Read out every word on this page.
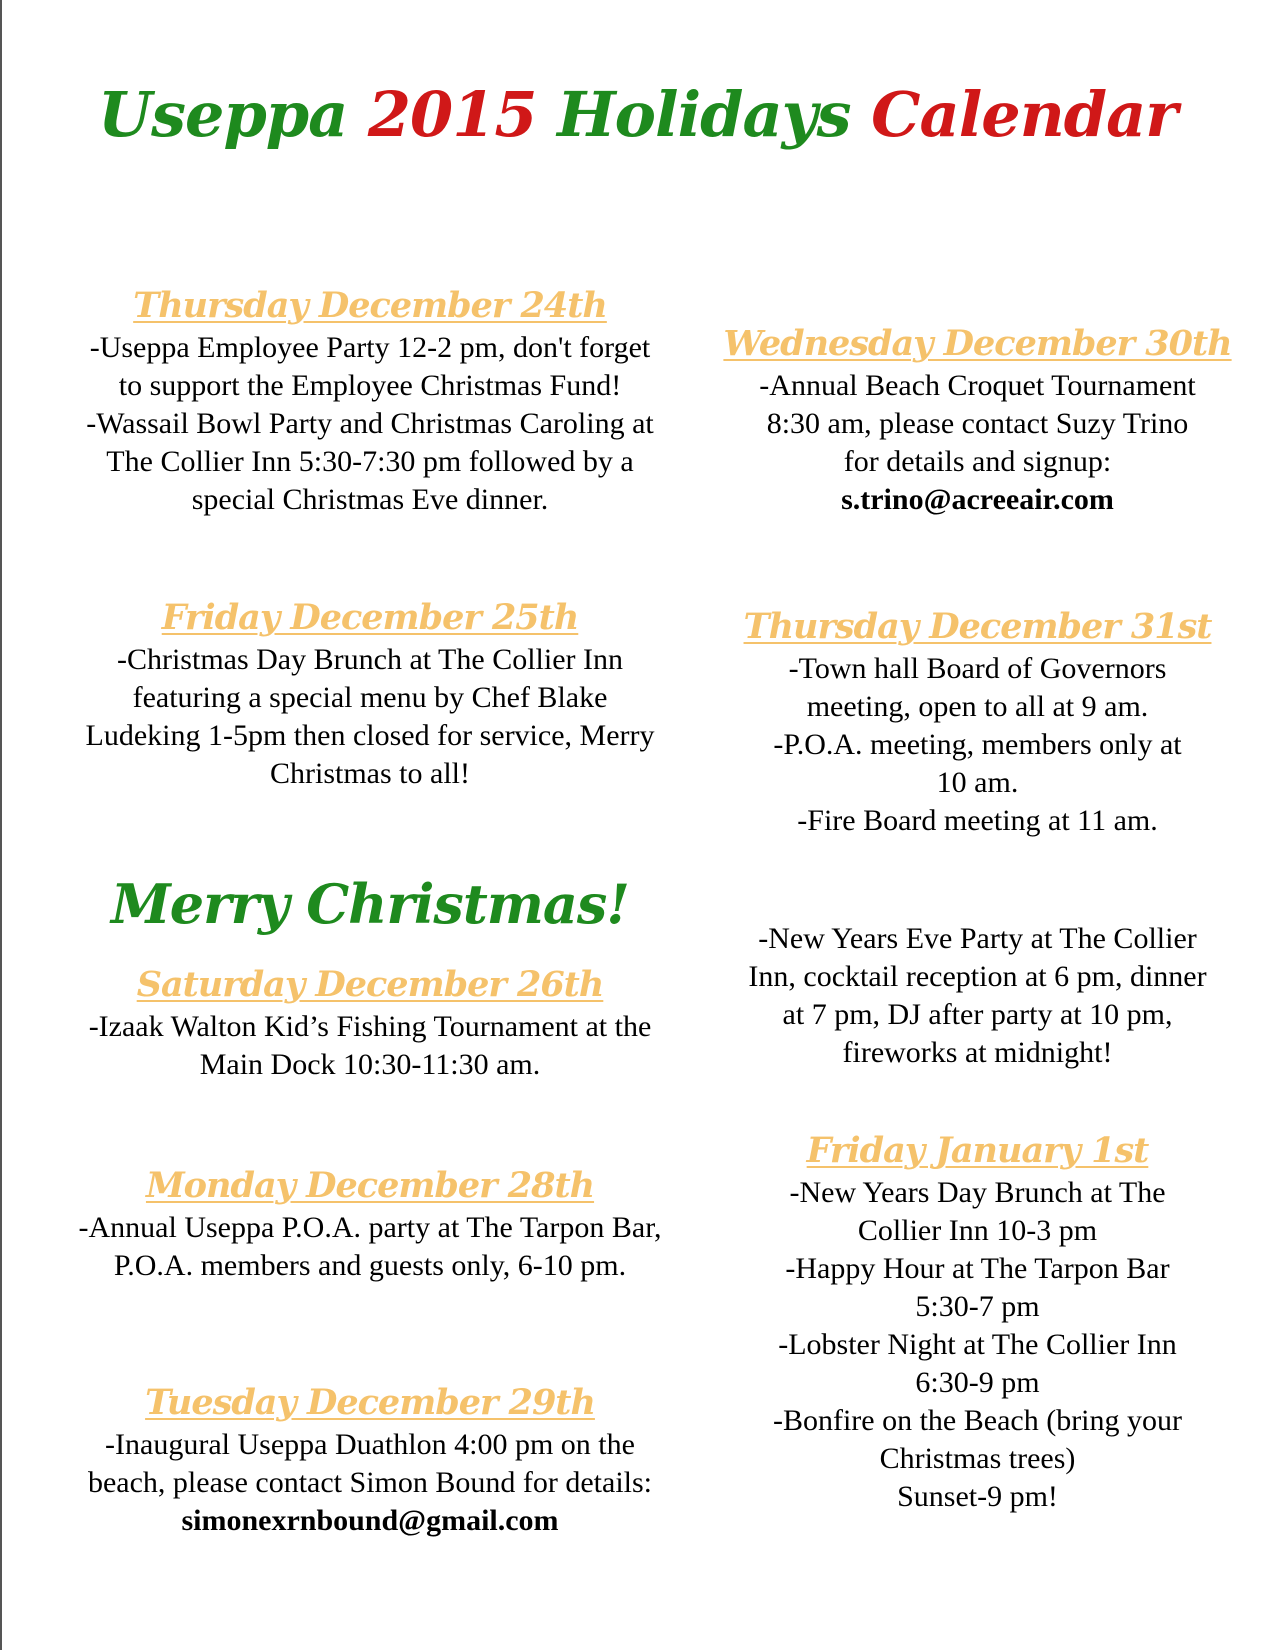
Useppa 2015 Holidays Calendar
Thursday December 24th
-Useppa Employee Party 12-2 pm, don't forget
to support the Employee Christmas Fund!
-Wassail Bowl Party and Christmas Caroling at
The Collier Inn 5:30-7:30 pm followed by a
special Christmas Eve dinner.
Friday December 25th
-Christmas Day Brunch at The Collier Inn
featuring a special menu by Chef Blake
Ludeking 1-5pm then closed for service, Merry
Christmas to all!
Merry Christmas!
Saturday December 26th
-Izaak Walton Kid’s Fishing Tournament at the
Main Dock 10:30-11:30 am.
Monday December 28th
-Annual Useppa P.O.A. party at The Tarpon Bar,
P.O.A. members and guests only, 6-10 pm.
Tuesday December 29th
-Inaugural Useppa Duathlon 4:00 pm on the
beach, please contact Simon Bound for details:
simonexrnbound@gmail.com
Wednesday December 30th
-Annual Beach Croquet Tournament
8:30 am, please contact Suzy Trino
for details and signup:
s.trino@acreeair.com
Thursday December 31st
-Town hall Board of Governors
meeting, open to all at 9 am.
-P.O.A. meeting, members only at
10 am.
-Fire Board meeting at 11 am.
-New Years Eve Party at The Collier
Inn, cocktail reception at 6 pm, dinner
at 7 pm, DJ after party at 10 pm,
fireworks at midnight!
Friday January 1st
-New Years Day Brunch at The
Collier Inn 10-3 pm
-Happy Hour at The Tarpon Bar
5:30-7 pm
-Lobster Night at The Collier Inn
6:30-9 pm
-Bonfire on the Beach (bring your
Christmas trees)
Sunset-9 pm!
